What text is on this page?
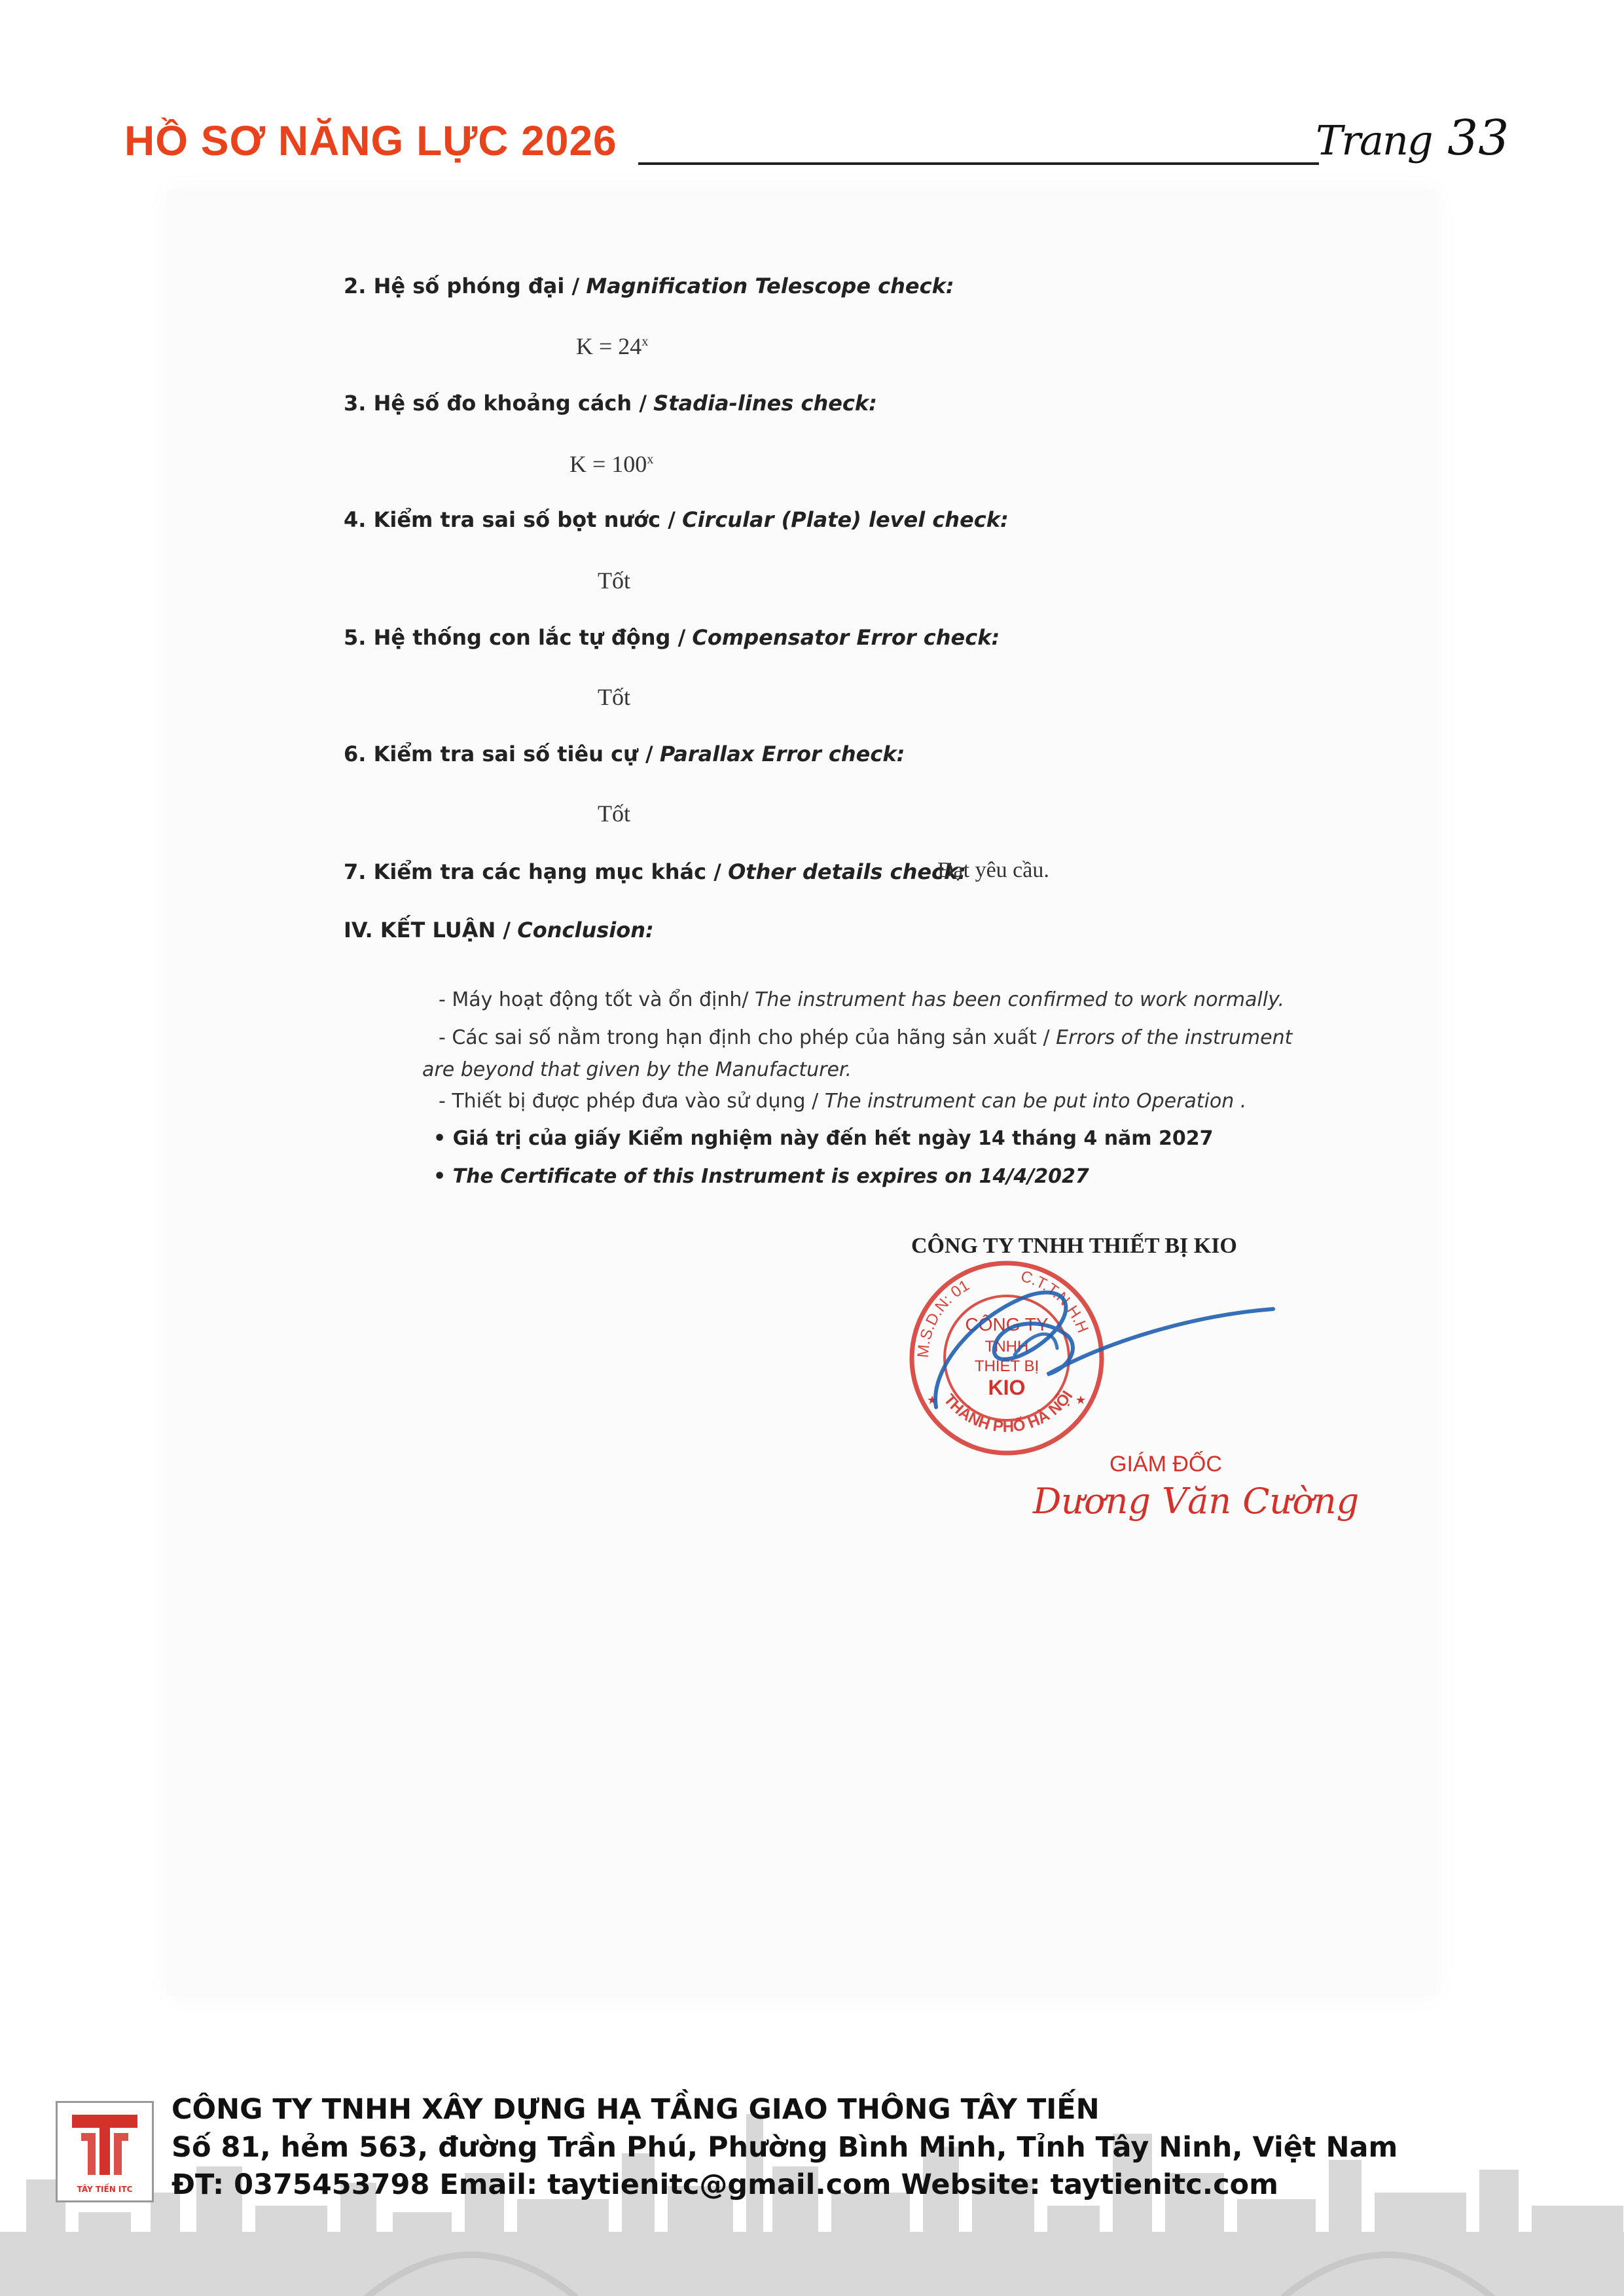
HỒ SƠ NĂNG LỰC 2026	Trang 33
2. Hệ số phóng đại / Magnification Telescope check:
$K = 24^x$
3. Hệ số đo khoảng cách / Stadia-lines check:
$K = 100^x$
4. Kiểm tra sai số bọt nước / Circular (Plate) level check:
Tốt
5. Hệ thống con lắc tự động / Compensator Error check:
Tốt
6. Kiểm tra sai số tiêu cự / Parallax Error check:
Tốt
7. Kiểm tra các hạng mục khác / Other details check:
Đạt yêu cầu.
IV. KẾT LUẬN / Conclusion:
- Máy hoạt động tốt và ổn định/ The instrument has been confirmed to work normally.
- Các sai số nằm trong hạn định cho phép của hãng sản xuất / Errors of the instrument
are beyond that given by the Manufacturer.
- Thiết bị được phép đưa vào sử dụng / The instrument can be put into Operation .
• Giá trị của giấy Kiểm nghiệm này đến hết ngày 14 tháng 4 năm 2027
• The Certificate of this Instrument is expires on 14/4/2027
CÔNG TY TNHH THIẾT BỊ KIO
M.S.D.N: 01	C.T.T.N.H.H
THÀNH PHỐ HÀ NỘI
CÔNG TY
TNHH
THIẾT BỊ
KIO
★	★
GIÁM ĐỐC
Dương Văn Cường
TÂY TIẾN ITC
CÔNG TY TNHH XÂY DỰNG HẠ TẦNG GIAO THÔNG TÂY TIẾN
Số 81, hẻm 563, đường Trần Phú, Phường Bình Minh, Tỉnh Tây Ninh, Việt Nam
ĐT: 0375453798 Email: taytienitc@gmail.com Website: taytienitc.com
